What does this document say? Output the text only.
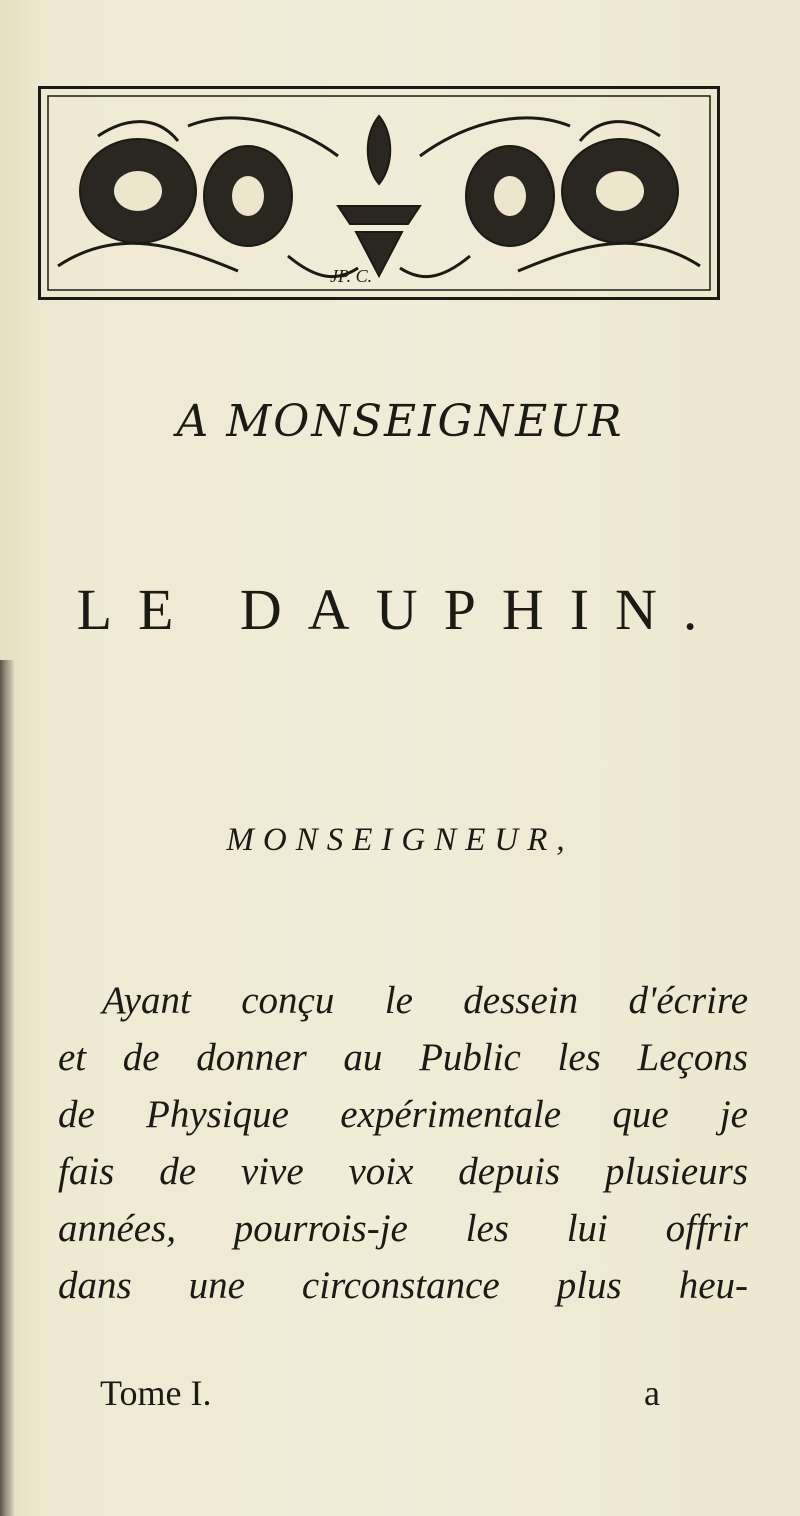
JP. C.
A MONSEIGNEUR
LE DAUPHIN.
MONSEIGNEUR,
Ayant conçu le dessein d'écrire
et de donner au Public les Leçons
de Physique expérimentale que je
fais de vive voix depuis plusieurs
années, pourrois-je les lui offrir
dans une circonstance plus heu-
Tome I.	a
